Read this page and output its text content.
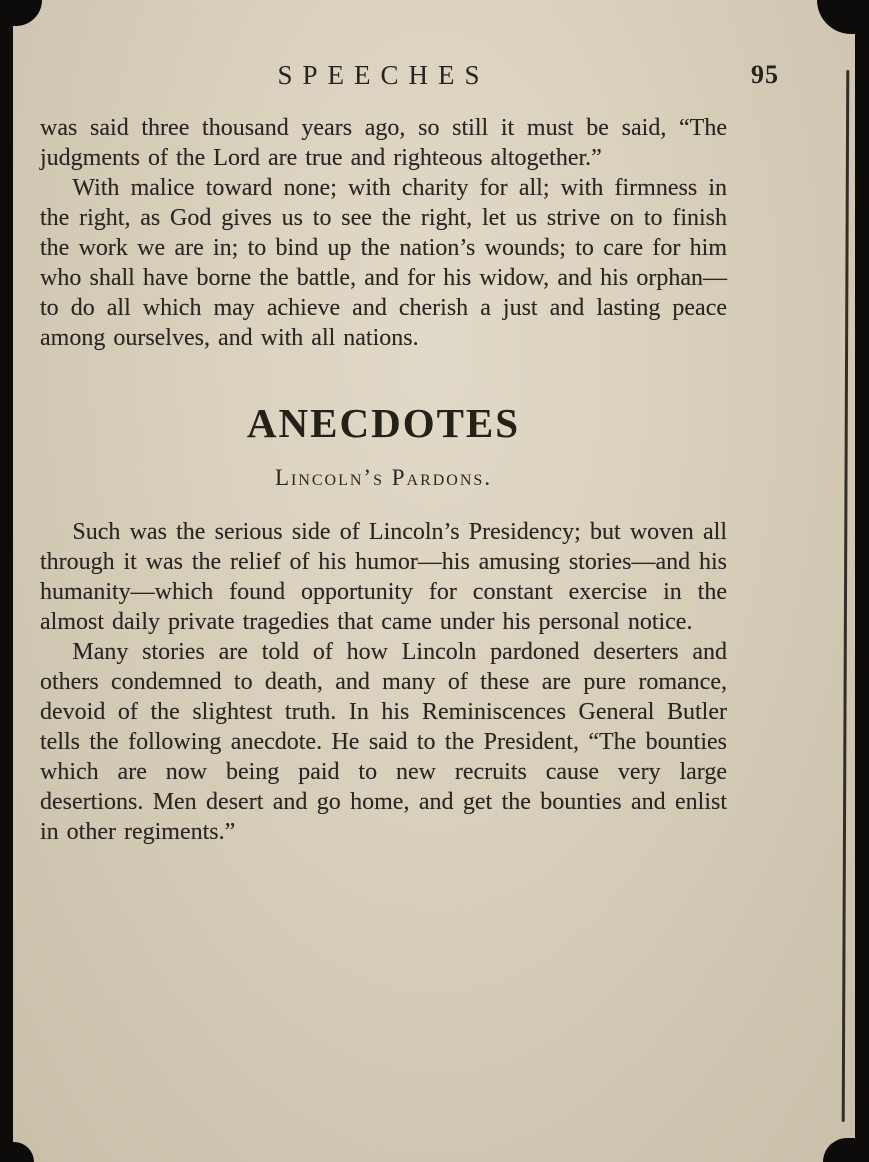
SPEECHES	95

was said three thousand years ago, so still it must be said, “The judgments of the Lord are true and righteous altogether.”

With malice toward none; with charity for all; with firmness in the right, as God gives us to see the right, let us strive on to finish the work we are in; to bind up the nation’s wounds; to care for him who shall have borne the battle, and for his widow, and his orphan—to do all which may achieve and cherish a just and lasting peace among ourselves, and with all nations.

ANECDOTES
Lincoln’s Pardons.

Such was the serious side of Lincoln’s Presidency; but woven all through it was the relief of his humor—his amusing stories—and his humanity—which found opportunity for constant exercise in the almost daily private tragedies that came under his personal notice.

Many stories are told of how Lincoln pardoned deserters and others condemned to death, and many of these are pure romance, devoid of the slightest truth. In his Reminiscences General Butler tells the following anecdote. He said to the President, “The bounties which are now being paid to new recruits cause very large desertions. Men desert and go home, and get the bounties and enlist in other regiments.”
